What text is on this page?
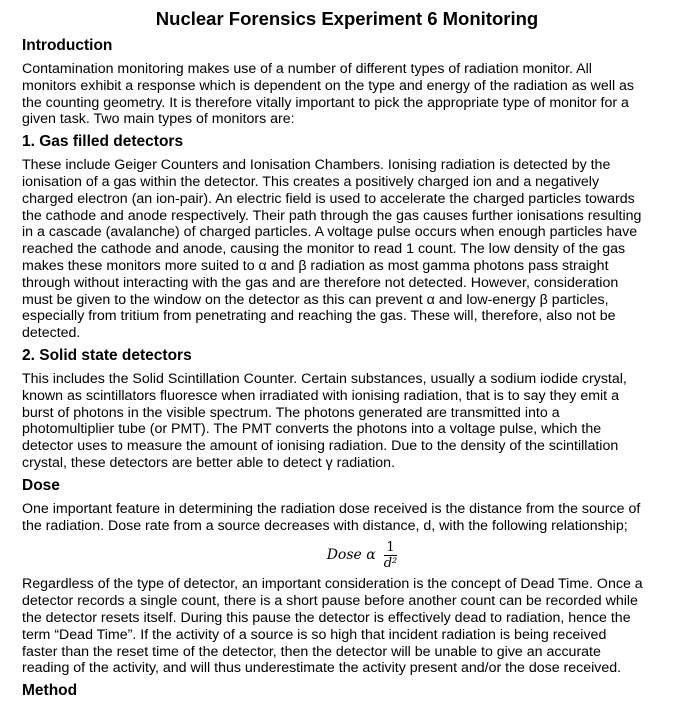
Nuclear Forensics Experiment 6 Monitoring
Introduction
Contamination monitoring makes use of a number of different types of radiation monitor. All
monitors exhibit a response which is dependent on the type and energy of the radiation as well as
the counting geometry. It is therefore vitally important to pick the appropriate type of monitor for a
given task. Two main types of monitors are:
1. Gas filled detectors
These include Geiger Counters and Ionisation Chambers. Ionising radiation is detected by the
ionisation of a gas within the detector. This creates a positively charged ion and a negatively
charged electron (an ion-pair). An electric field is used to accelerate the charged particles towards
the cathode and anode respectively. Their path through the gas causes further ionisations resulting
in a cascade (avalanche) of charged particles. A voltage pulse occurs when enough particles have
reached the cathode and anode, causing the monitor to read 1 count. The low density of the gas
makes these monitors more suited to α and β radiation as most gamma photons pass straight
through without interacting with the gas and are therefore not detected. However, consideration
must be given to the window on the detector as this can prevent α and low-energy β particles,
especially from tritium from penetrating and reaching the gas. These will, therefore, also not be
detected.
2. Solid state detectors
This includes the Solid Scintillation Counter. Certain substances, usually a sodium iodide crystal,
known as scintillators fluoresce when irradiated with ionising radiation, that is to say they emit a
burst of photons in the visible spectrum. The photons generated are transmitted into a
photomultiplier tube (or PMT). The PMT converts the photons into a voltage pulse, which the
detector uses to measure the amount of ionising radiation. Due to the density of the scintillation
crystal, these detectors are better able to detect γ radiation.
Dose
One important feature in determining the radiation dose received is the distance from the source of
the radiation. Dose rate from a source decreases with distance, d, with the following relationship;
Dose α $\frac{1}{\text{d²}}$
Regardless of the type of detector, an important consideration is the concept of Dead Time. Once a
detector records a single count, there is a short pause before another count can be recorded while
the detector resets itself. During this pause the detector is effectively dead to radiation, hence the
term “Dead Time”. If the activity of a source is so high that incident radiation is being received
faster than the reset time of the detector, then the detector will be unable to give an accurate
reading of the activity, and will thus underestimate the activity present and/or the dose received.
Method
